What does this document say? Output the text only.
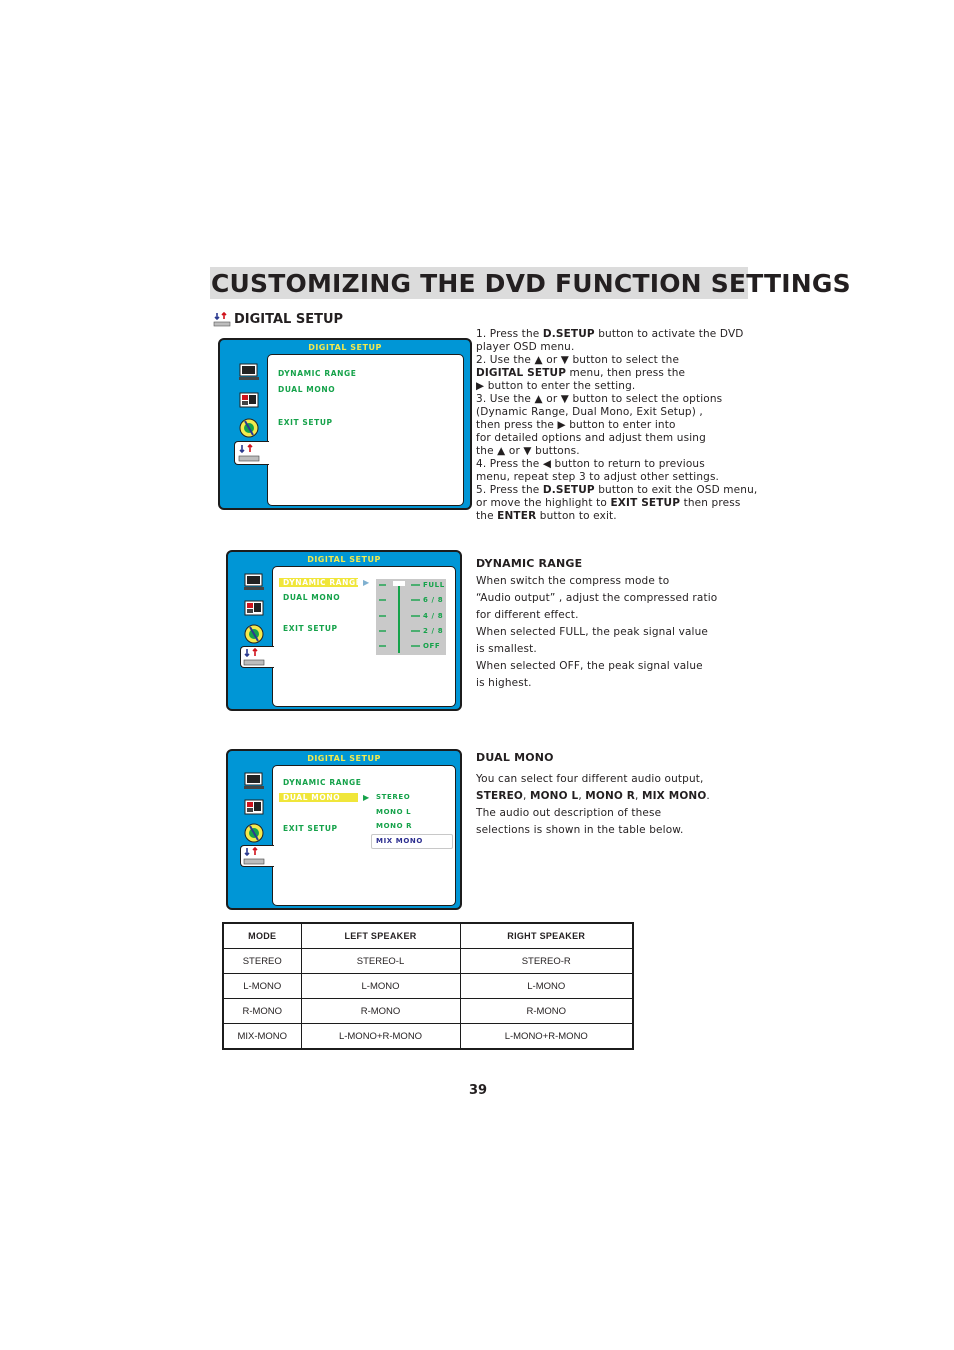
CUSTOMIZING THE DVD FUNCTION SETTINGS
DIGITAL SETUP
DIGITAL SETUP
DYNAMIC RANGE
DUAL MONO
EXIT SETUP

1. Press the D.SETUP button to activate the DVD

player OSD menu.

2. Use the ▲ or ▼ button to select the

DIGITAL SETUP menu, then press the

▶ button to enter the setting.

3. Use the ▲ or ▼ button to select the options

(Dynamic Range, Dual Mono, Exit Setup) ,

then press the ▶ button to enter into

for detailed options and adjust them using

the ▲ or ▼ buttons.

4. Press the ◀ button to return to previous

menu, repeat step 3 to adjust other settings.

5. Press the D.SETUP button to exit the OSD menu,

or move the highlight to EXIT SETUP then press

the ENTER button to exit.

DIGITAL SETUP
DYNAMIC RANGE ▶
DUAL MONO
EXIT SETUP
FULL
6 / 8
4 / 8
2 / 8
OFF
DYNAMIC RANGE

When switch the compress mode to

“Audio output” , adjust the compressed ratio

for different effect.

When selected FULL, the peak signal value

is smallest.

When selected OFF, the peak signal value

is highest.

DIGITAL SETUP
DYNAMIC RANGE
DUAL MONO	▶
EXIT SETUP
STEREO
MONO L
MONO R
MIX MONO
DUAL MONO

You can select four different audio output,

STEREO, MONO L, MONO R, MIX MONO.

The audio out description of these

selections is shown in the table below.

MODE	LEFT SPEAKER	RIGHT SPEAKER
STEREO	STEREO-L	STEREO-R
L-MONO	L-MONO	L-MONO
R-MONO	R-MONO	R-MONO
MIX-MONO	L-MONO+R-MONO	L-MONO+R-MONO
39
